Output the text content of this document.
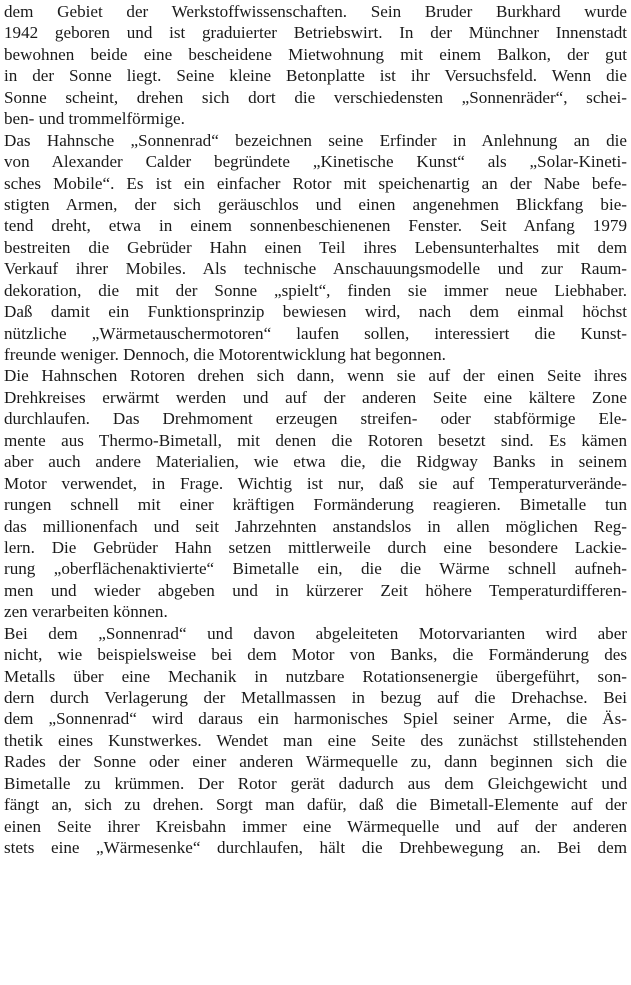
dem Gebiet der Werkstoffwissenschaften. Sein Bruder Burkhard wurde
1942 geboren und ist graduierter Betriebswirt. In der Münchner Innenstadt
bewohnen beide eine bescheidene Mietwohnung mit einem Balkon, der gut
in der Sonne liegt. Seine kleine Betonplatte ist ihr Versuchsfeld. Wenn die
Sonne scheint, drehen sich dort die verschiedensten „Sonnenräder“, schei-
ben- und trommelförmige.
Das Hahnsche „Sonnenrad“ bezeichnen seine Erfinder in Anlehnung an die
von Alexander Calder begründete „Kinetische Kunst“ als „Solar-Kineti-
sches Mobile“. Es ist ein einfacher Rotor mit speichenartig an der Nabe befe-
stigten Armen, der sich geräuschlos und einen angenehmen Blickfang bie-
tend dreht, etwa in einem sonnenbeschienenen Fenster. Seit Anfang 1979
bestreiten die Gebrüder Hahn einen Teil ihres Lebensunterhaltes mit dem
Verkauf ihrer Mobiles. Als technische Anschauungsmodelle und zur Raum-
dekoration, die mit der Sonne „spielt“, finden sie immer neue Liebhaber.
Daß damit ein Funktionsprinzip bewiesen wird, nach dem einmal höchst
nützliche „Wärmetauschermotoren“ laufen sollen, interessiert die Kunst-
freunde weniger. Dennoch, die Motorentwicklung hat begonnen.
Die Hahnschen Rotoren drehen sich dann, wenn sie auf der einen Seite ihres
Drehkreises erwärmt werden und auf der anderen Seite eine kältere Zone
durchlaufen. Das Drehmoment erzeugen streifen- oder stabförmige Ele-
mente aus Thermo-Bimetall, mit denen die Rotoren besetzt sind. Es kämen
aber auch andere Materialien, wie etwa die, die Ridgway Banks in seinem
Motor verwendet, in Frage. Wichtig ist nur, daß sie auf Temperaturverände-
rungen schnell mit einer kräftigen Formänderung reagieren. Bimetalle tun
das millionenfach und seit Jahrzehnten anstandslos in allen möglichen Reg-
lern. Die Gebrüder Hahn setzen mittlerweile durch eine besondere Lackie-
rung „oberflächenaktivierte“ Bimetalle ein, die die Wärme schnell aufneh-
men und wieder abgeben und in kürzerer Zeit höhere Temperaturdifferen-
zen verarbeiten können.
Bei dem „Sonnenrad“ und davon abgeleiteten Motorvarianten wird aber
nicht, wie beispielsweise bei dem Motor von Banks, die Formänderung des
Metalls über eine Mechanik in nutzbare Rotationsenergie übergeführt, son-
dern durch Verlagerung der Metallmassen in bezug auf die Drehachse. Bei
dem „Sonnenrad“ wird daraus ein harmonisches Spiel seiner Arme, die Äs-
thetik eines Kunstwerkes. Wendet man eine Seite des zunächst stillstehenden
Rades der Sonne oder einer anderen Wärmequelle zu, dann beginnen sich die
Bimetalle zu krümmen. Der Rotor gerät dadurch aus dem Gleichgewicht und
fängt an, sich zu drehen. Sorgt man dafür, daß die Bimetall-Elemente auf der
einen Seite ihrer Kreisbahn immer eine Wärmequelle und auf der anderen
stets eine „Wärmesenke“ durchlaufen, hält die Drehbewegung an. Bei dem
